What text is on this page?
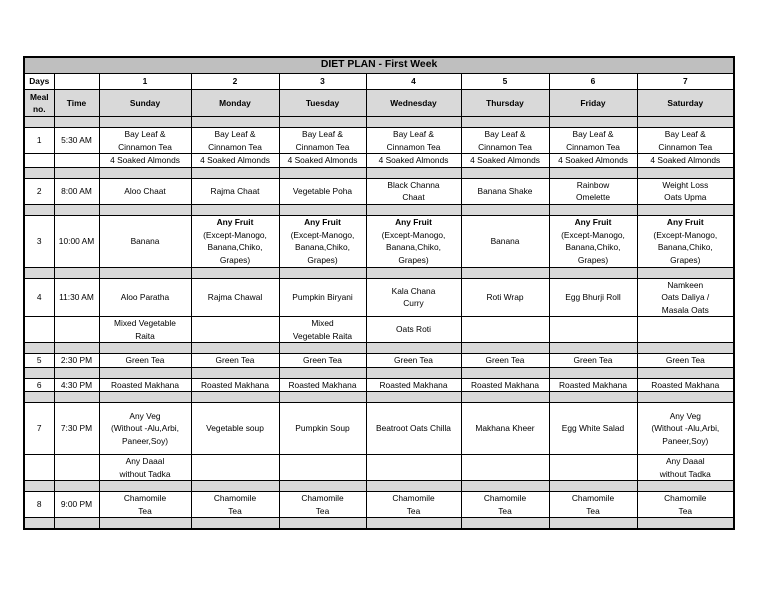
DIET PLAN - First Week								
Days		1	2	3	4	5	6	7
Meal
no.	Time	Sunday	Monday	Tuesday	Wednesday	Thursday	Friday	Saturday

1	5:30 AM	Bay Leaf &
Cinnamon Tea	Bay Leaf &
Cinnamon Tea	Bay Leaf &
Cinnamon Tea	Bay Leaf &
Cinnamon Tea	Bay Leaf &
Cinnamon Tea	Bay Leaf &
Cinnamon Tea	Bay Leaf &
Cinnamon Tea
		4 Soaked Almonds	4 Soaked Almonds	4 Soaked Almonds	4 Soaked Almonds	4 Soaked Almonds	4 Soaked Almonds	4 Soaked Almonds

2	8:00 AM	Aloo Chaat	Rajma Chaat	Vegetable Poha	Black Channa
Chaat	Banana Shake	Rainbow
Omelette	Weight Loss
Oats Upma

3	10:00 AM	Banana	Any Fruit
(Except-Manogo,
Banana,Chiko,
Grapes)	Any Fruit
(Except-Manogo,
Banana,Chiko,
Grapes)	Any Fruit
(Except-Manogo,
Banana,Chiko,
Grapes)	Banana	Any Fruit
(Except-Manogo,
Banana,Chiko,
Grapes)	Any Fruit
(Except-Manogo,
Banana,Chiko,
Grapes)

4	11:30 AM	Aloo Paratha	Rajma Chawal	Pumpkin Biryani	Kala Chana
Curry	Roti Wrap	Egg Bhurji Roll	Namkeen
Oats Daliya /
Masala Oats
		Mixed Vegetable
Raita		Mixed
Vegetable Raita	Oats Roti			

5	2:30 PM	Green Tea	Green Tea	Green Tea	Green Tea	Green Tea	Green Tea	Green Tea

6	4:30 PM	Roasted Makhana	Roasted Makhana	Roasted Makhana	Roasted Makhana	Roasted Makhana	Roasted Makhana	Roasted Makhana

7	7:30 PM	Any Veg
(Without -Alu,Arbi,
Paneer,Soy)	Vegetable soup	Pumpkin Soup	Beatroot Oats Chilla	Makhana Kheer	Egg White Salad	Any Veg
(Without -Alu,Arbi,
Paneer,Soy)
		Any Daaal
without Tadka						Any Daaal
without Tadka

8	9:00 PM	Chamomile
Tea	Chamomile
Tea	Chamomile
Tea	Chamomile
Tea	Chamomile
Tea	Chamomile
Tea	Chamomile
Tea
